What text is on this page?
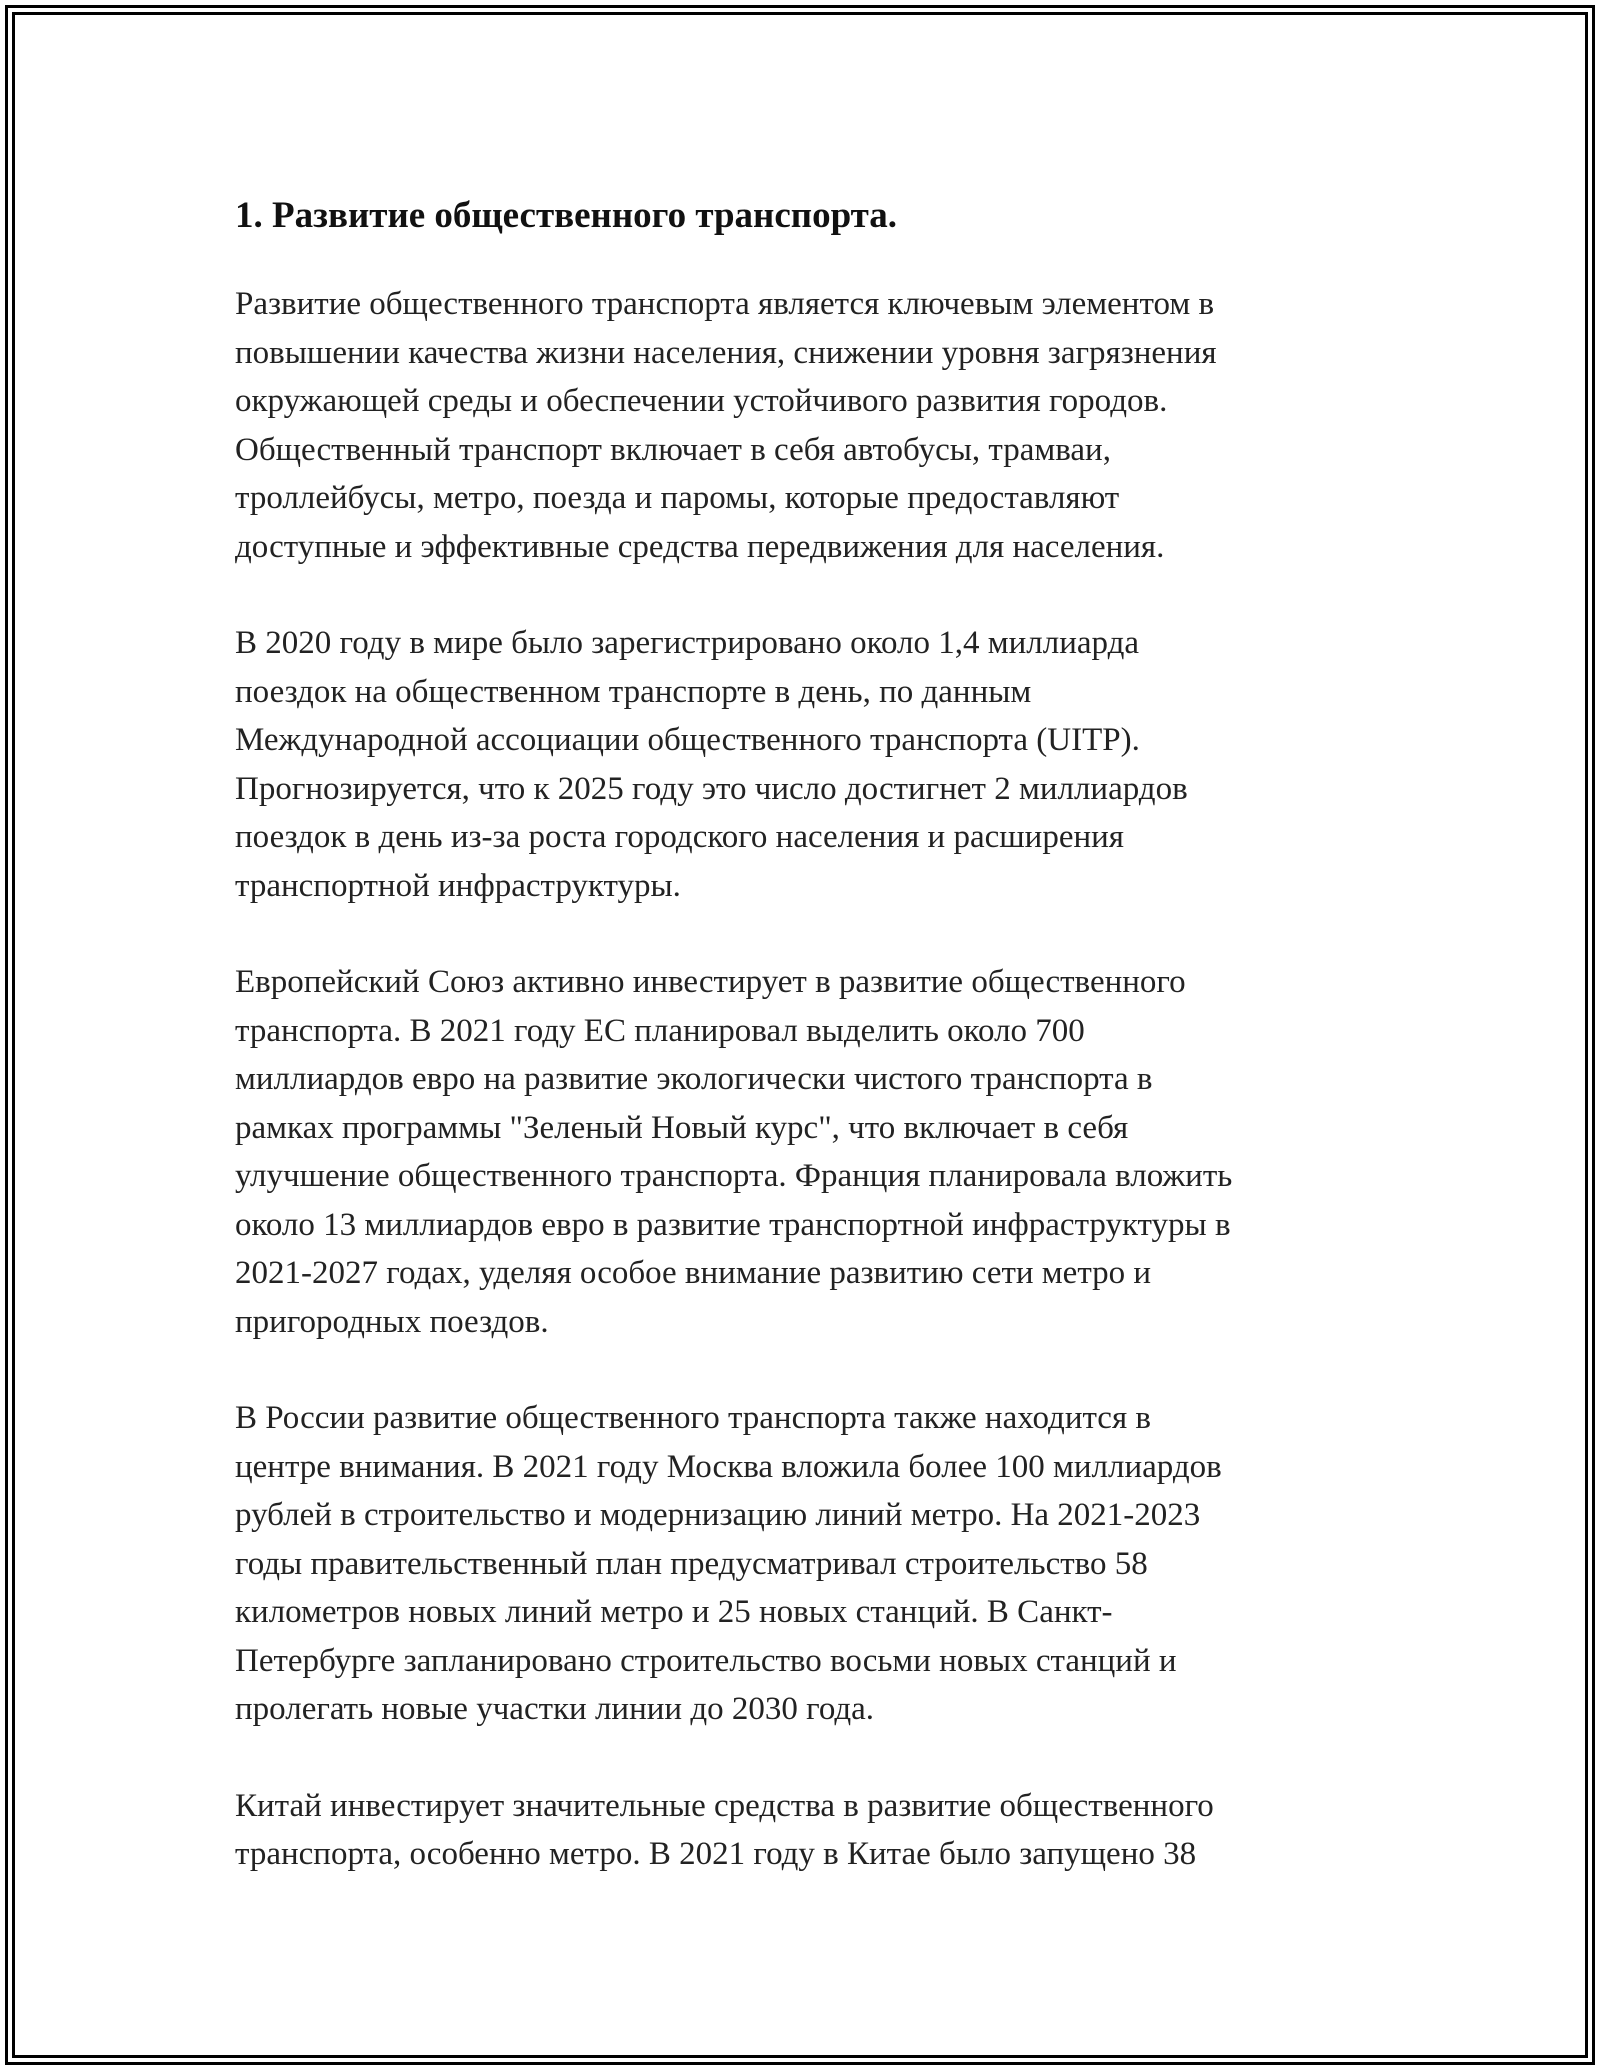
1. Развитие общественного транспорта.

Развитие общественного транспорта является ключевым элементом в
повышении качества жизни населения, снижении уровня загрязнения
окружающей среды и обеспечении устойчивого развития городов.
Общественный транспорт включает в себя автобусы, трамваи,
троллейбусы, метро, поезда и паромы, которые предоставляют
доступные и эффективные средства передвижения для населения.

В 2020 году в мире было зарегистрировано около 1,4 миллиарда
поездок на общественном транспорте в день, по данным
Международной ассоциации общественного транспорта (UITP).
Прогнозируется, что к 2025 году это число достигнет 2 миллиардов
поездок в день из-за роста городского населения и расширения
транспортной инфраструктуры.

Европейский Союз активно инвестирует в развитие общественного
транспорта. В 2021 году ЕС планировал выделить около 700
миллиардов евро на развитие экологически чистого транспорта в
рамках программы "Зеленый Новый курс", что включает в себя
улучшение общественного транспорта. Франция планировала вложить
около 13 миллиардов евро в развитие транспортной инфраструктуры в
2021-2027 годах, уделяя особое внимание развитию сети метро и
пригородных поездов.

В России развитие общественного транспорта также находится в
центре внимания. В 2021 году Москва вложила более 100 миллиардов
рублей в строительство и модернизацию линий метро. На 2021-2023
годы правительственный план предусматривал строительство 58
километров новых линий метро и 25 новых станций. В Санкт-
Петербурге запланировано строительство восьми новых станций и
пролегать новые участки линии до 2030 года.

Китай инвестирует значительные средства в развитие общественного
транспорта, особенно метро. В 2021 году в Китае было запущено 38
